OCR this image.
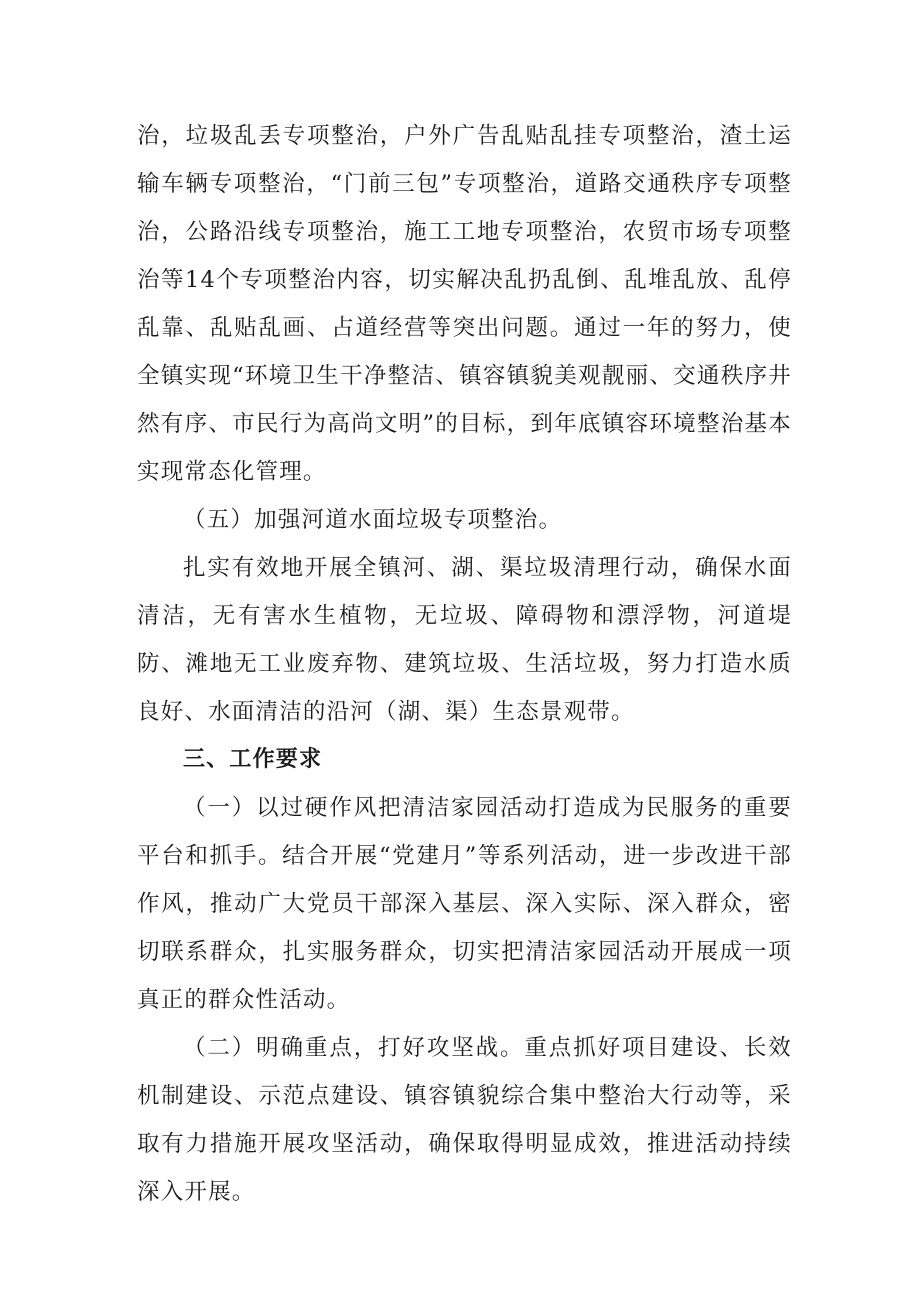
治，垃圾乱丢专项整治，户外广告乱贴乱挂专项整治，渣土运输车辆专项整治，“门前三包”专项整治，道路交通秩序专项整治，公路沿线专项整治，施工工地专项整治，农贸市场专项整治等14个专项整治内容，切实解决乱扔乱倒、乱堆乱放、乱停乱靠、乱贴乱画、占道经营等突出问题。通过一年的努力，使全镇实现“环境卫生干净整洁、镇容镇貌美观靓丽、交通秩序井然有序、市民行为高尚文明”的目标，到年底镇容环境整治基本实现常态化管理。

（五）加强河道水面垃圾专项整治。

扎实有效地开展全镇河、湖、渠垃圾清理行动，确保水面清洁，无有害水生植物，无垃圾、障碍物和漂浮物，河道堤防、滩地无工业废弃物、建筑垃圾、生活垃圾，努力打造水质良好、水面清洁的沿河（湖、渠）生态景观带。

三、工作要求

（一）以过硬作风把清洁家园活动打造成为民服务的重要平台和抓手。结合开展“党建月”等系列活动，进一步改进干部作风，推动广大党员干部深入基层、深入实际、深入群众，密切联系群众，扎实服务群众，切实把清洁家园活动开展成一项真正的群众性活动。

（二）明确重点，打好攻坚战。重点抓好项目建设、长效机制建设、示范点建设、镇容镇貌综合集中整治大行动等，采取有力措施开展攻坚活动，确保取得明显成效，推进活动持续深入开展。
